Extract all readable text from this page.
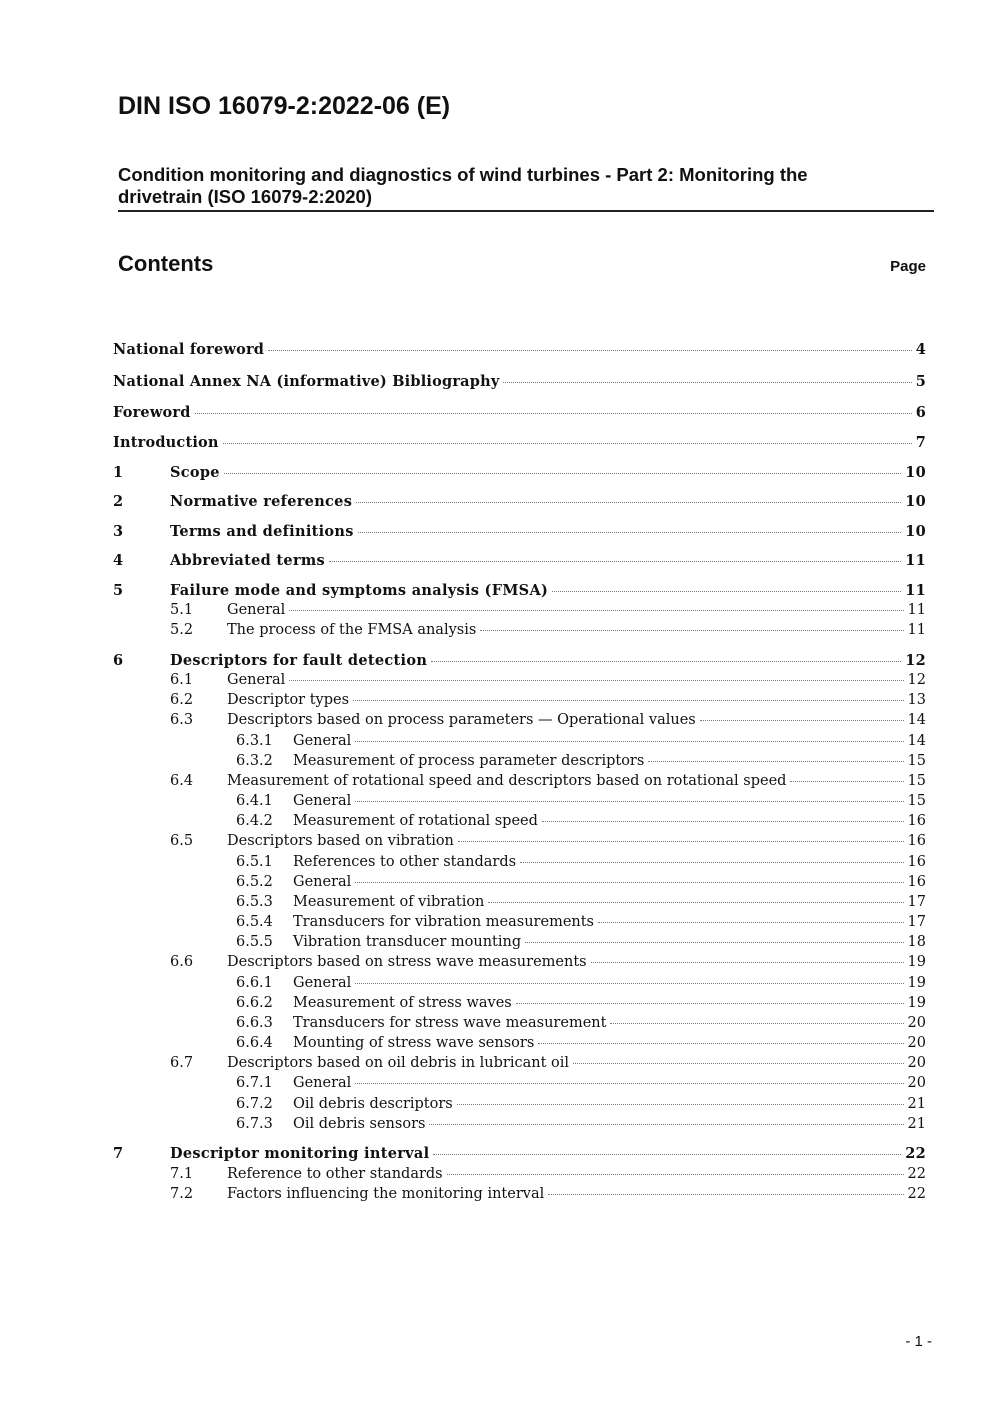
DIN ISO 16079-2:2022-06 (E)
Condition monitoring and diagnostics of wind turbines - Part 2: Monitoring the drivetrain (ISO 16079-2:2020)
Contents	Page
National foreword	4
National Annex NA (informative) Bibliography	5
Foreword	6
Introduction	7
1	Scope	10
2	Normative references	10
3	Terms and definitions	10
4	Abbreviated terms	11
5	Failure mode and symptoms analysis (FMSA)	11
5.1	General	11
5.2	The process of the FMSA analysis	11
6	Descriptors for fault detection	12
6.1	General	12
6.2	Descriptor types	13
6.3	Descriptors based on process parameters — Operational values	14
6.3.1	General	14
6.3.2	Measurement of process parameter descriptors	15
6.4	Measurement of rotational speed and descriptors based on rotational speed	15
6.4.1	General	15
6.4.2	Measurement of rotational speed	16
6.5	Descriptors based on vibration	16
6.5.1	References to other standards	16
6.5.2	General	16
6.5.3	Measurement of vibration	17
6.5.4	Transducers for vibration measurements	17
6.5.5	Vibration transducer mounting	18
6.6	Descriptors based on stress wave measurements	19
6.6.1	General	19
6.6.2	Measurement of stress waves	19
6.6.3	Transducers for stress wave measurement	20
6.6.4	Mounting of stress wave sensors	20
6.7	Descriptors based on oil debris in lubricant oil	20
6.7.1	General	20
6.7.2	Oil debris descriptors	21
6.7.3	Oil debris sensors	21
7	Descriptor monitoring interval	22
7.1	Reference to other standards	22
7.2	Factors influencing the monitoring interval	22
- 1 -
